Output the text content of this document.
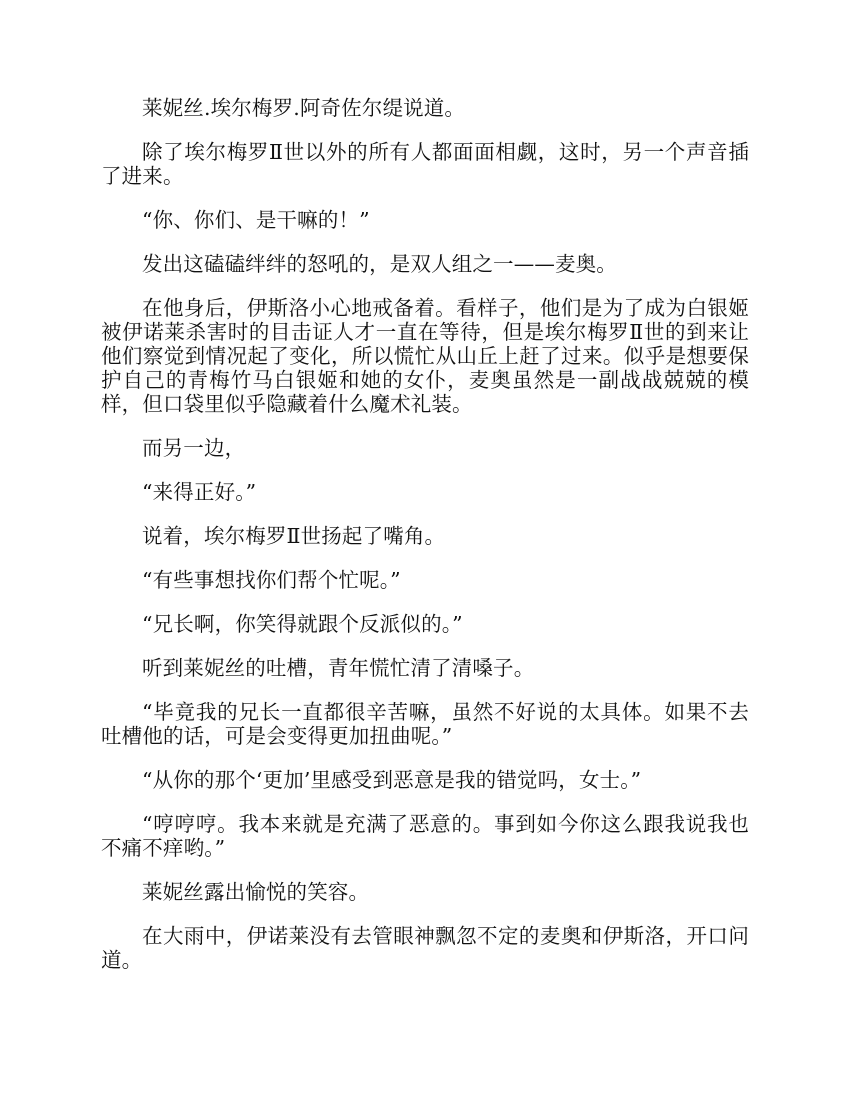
莱妮丝.埃尔梅罗.阿奇佐尔缇说道。

除了埃尔梅罗Ⅱ世以外的所有人都面面相觑，这时，另一个声音插了进来。

“你、你们、是干嘛的！”

发出这磕磕绊绊的怒吼的，是双人组之一——麦奥。

在他身后，伊斯洛小心地戒备着。看样子，他们是为了成为白银姬被伊诺莱杀害时的目击证人才一直在等待，但是埃尔梅罗Ⅱ世的到来让他们察觉到情况起了变化，所以慌忙从山丘上赶了过来。似乎是想要保护自己的青梅竹马白银姬和她的女仆，麦奥虽然是一副战战兢兢的模样，但口袋里似乎隐藏着什么魔术礼装。

而另一边，

“来得正好。”

说着，埃尔梅罗Ⅱ世扬起了嘴角。

“有些事想找你们帮个忙呢。”

“兄长啊，你笑得就跟个反派似的。”

听到莱妮丝的吐槽，青年慌忙清了清嗓子。

“毕竟我的兄长一直都很辛苦嘛，虽然不好说的太具体。如果不去吐槽他的话，可是会变得更加扭曲呢。”

“从你的那个‘更加’里感受到恶意是我的错觉吗，女士。”

“哼哼哼。我本来就是充满了恶意的。事到如今你这么跟我说我也不痛不痒哟。”

莱妮丝露出愉悦的笑容。

在大雨中，伊诺莱没有去管眼神飘忽不定的麦奥和伊斯洛，开口问道。
